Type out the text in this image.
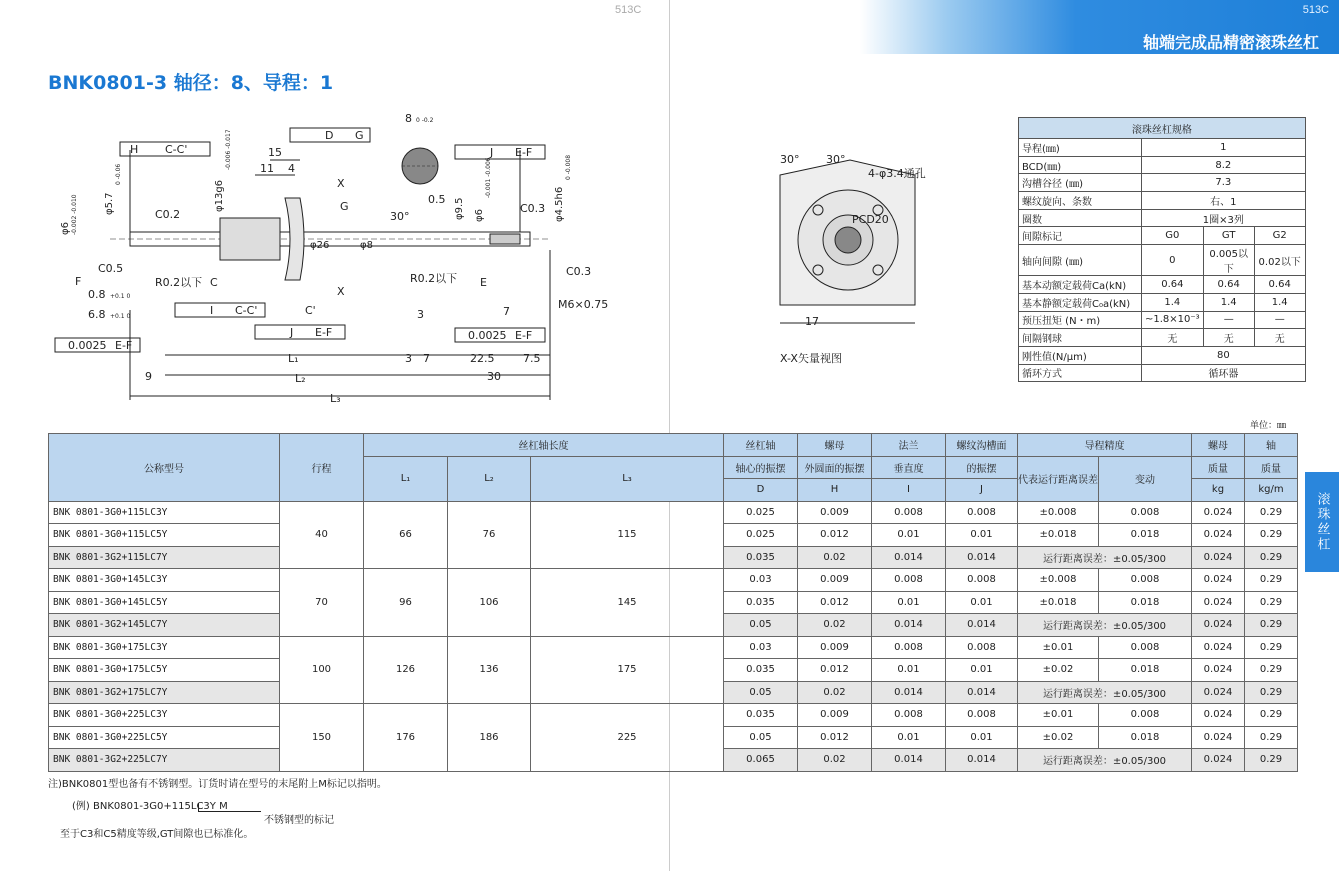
513C	513C
轴端完成品精密滚珠丝杠
BNK0801-3 轴径：8、导程：1
滚珠丝杠
H C-C'
D G
J E-F
I C-C'
J E-F	0.0025 E-F
0.0025 E-F
F	C
C'
G
E
X
X
8 0 -0.2
15
11 4
0.5
30°
7
3
C0.2
C0.5
C0.3
C0.3
R0.2以下	R0.2以下
0.8 +0.1 0
6.8 +0.1 0
M6×0.75
L₁
L₂
L₃
3 7	22.5	7.5
9	30
φ26	φ8
φ6 -0.002 -0.010	φ5.7
0 -0.06
φ13g6
-0.006 -0.017
φ9.5 φ6
-0.001 -0.006
φ4.5h6
0 -0.008	30° 30°
4-φ3.4通孔
PCD20
17
X-X矢量视图
滚珠丝杠规格			
导程(㎜)	1		
BCD(㎜)	8.2		
沟槽谷径 (㎜)	7.3		
螺纹旋向、条数	右、1		
圈数	1圈×3列		
间隙标记	G0	GT	G2
轴向间隙 (㎜)	0	0.005以下	0.02以下
基本动额定载荷Ca(kN)	0.64	0.64	0.64
基本静额定载荷C₀a(kN)	1.4	1.4	1.4
预压扭矩 (N・m)	~1.8×10⁻³	—	—
间隔钢球	无	无	无
刚性值(N/μm)	80		
循环方式	循环器		
单位：㎜
公称型号	行程	丝杠轴长度			丝杠轴	螺母	法兰	螺纹沟槽面	导程精度		螺母	轴
		L₁	L₂	L₃	轴心的振摆	外圆面的振摆	垂直度	的振摆	代表运行距离误差	变动	质量	质量
					D	H	I	J			kg	kg/m
BNK 0801-3G0+115LC3Y	40	66	76	115	0.025	0.009	0.008	0.008	±0.008	0.008	0.024	0.29
BNK 0801-3G0+115LC5Y					0.025	0.012	0.01	0.01	±0.018	0.018	0.024	0.29
BNK 0801-3G2+115LC7Y					0.035	0.02	0.014	0.014	运行距离误差：±0.05/300		0.024	0.29
BNK 0801-3G0+145LC3Y	70	96	106	145	0.03	0.009	0.008	0.008	±0.008	0.008	0.024	0.29
BNK 0801-3G0+145LC5Y					0.035	0.012	0.01	0.01	±0.018	0.018	0.024	0.29
BNK 0801-3G2+145LC7Y					0.05	0.02	0.014	0.014	运行距离误差：±0.05/300		0.024	0.29
BNK 0801-3G0+175LC3Y	100	126	136	175	0.03	0.009	0.008	0.008	±0.01	0.008	0.024	0.29
BNK 0801-3G0+175LC5Y					0.035	0.012	0.01	0.01	±0.02	0.018	0.024	0.29
BNK 0801-3G2+175LC7Y					0.05	0.02	0.014	0.014	运行距离误差：±0.05/300		0.024	0.29
BNK 0801-3G0+225LC3Y	150	176	186	225	0.035	0.009	0.008	0.008	±0.01	0.008	0.024	0.29
BNK 0801-3G0+225LC5Y					0.05	0.012	0.01	0.01	±0.02	0.018	0.024	0.29
BNK 0801-3G2+225LC7Y					0.065	0.02	0.014	0.014	运行距离误差：±0.05/300		0.024	0.29
注)BNK0801型也备有不锈钢型。订货时请在型号的末尾附上M标记以指明。
(例) BNK0801-3G0+115LC3Y M
不锈钢型的标记
至于C3和C5精度等级,GT间隙也已标准化。
